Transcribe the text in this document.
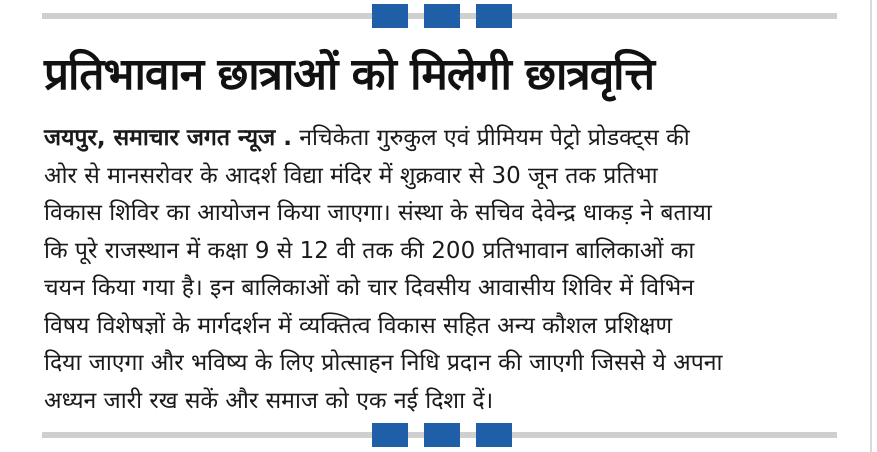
प्रतिभावान छात्राओं को मिलेगी छात्रवृत्ति
जयपुर, समाचार जगत न्यूज . नचिकेता गुरुकुल एवं प्रीमियम पेट्रो प्रोडक्ट्स की
ओर से मानसरोवर के आदर्श विद्या मंदिर में शुक्रवार से 30 जून तक प्रतिभा
विकास शिविर का आयोजन किया जाएगा। संस्था के सचिव देवेन्द्र धाकड़ ने बताया
कि पूरे राजस्थान में कक्षा 9 से 12 वी तक की 200 प्रतिभावान बालिकाओं का
चयन किया गया है। इन बालिकाओं को चार दिवसीय आवासीय शिविर में विभिन
विषय विशेषज्ञों के मार्गदर्शन में व्यक्तित्व विकास सहित अन्य कौशल प्रशिक्षण
दिया जाएगा और भविष्य के लिए प्रोत्साहन निधि प्रदान की जाएगी जिससे ये अपना
अध्यन जारी रख सकें और समाज को एक नई दिशा दें।
